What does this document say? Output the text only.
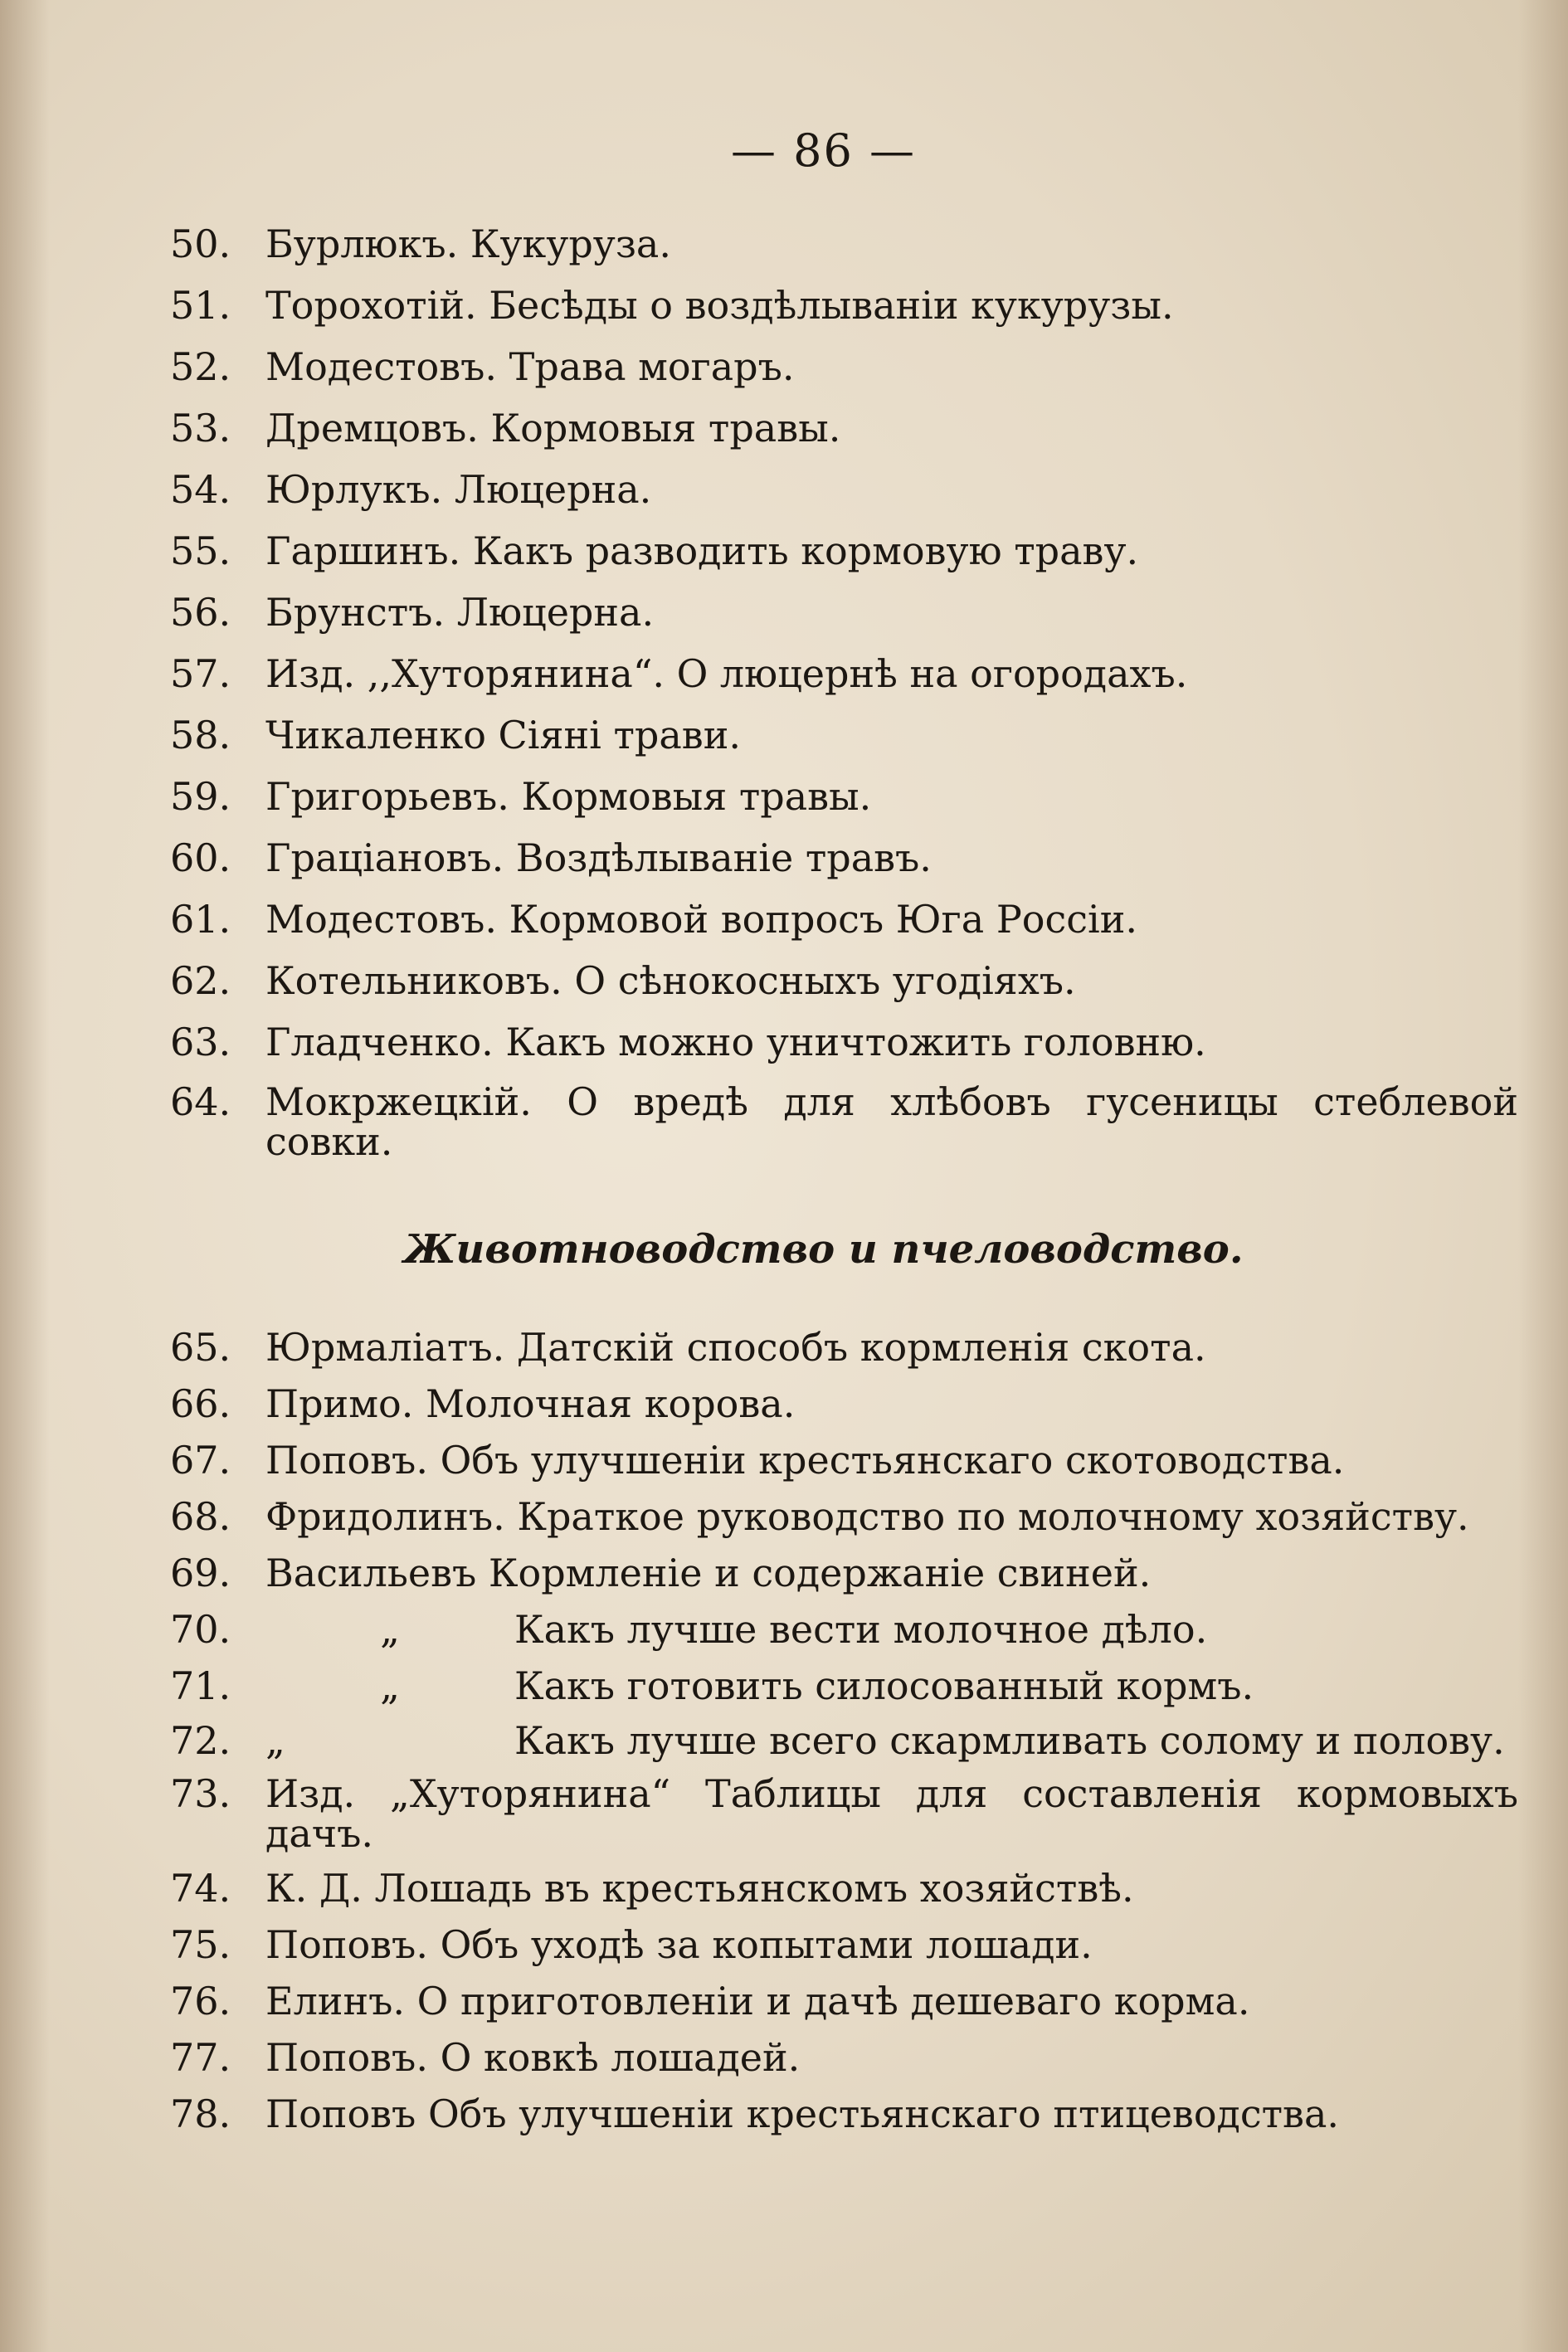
— 86 —
50. Бурлюкъ. Кукуруза.
51. Торохотій. Бесѣды о воздѣлываніи кукурузы.
52. Модестовъ. Трава могаръ.
53. Дремцовъ. Кормовыя травы.
54. Юрлукъ. Люцерна.
55. Гаршинъ. Какъ разводить кормовую траву.
56. Брунстъ. Люцерна.
57. Изд. ,,Хуторянина“. О люцернѣ на огородахъ.
58. Чикаленко Сіяні трави.
59. Григорьевъ. Кормовыя травы.
60. Граціановъ. Воздѣлываніе травъ.
61. Модестовъ. Кормовой вопросъ Юга Россіи.
62. Котельниковъ. О сѣнокосныхъ угодіяхъ.
63. Гладченко. Какъ можно уничтожить головню.
64. Мокржецкій. О вредѣ для хлѣбовъ гусеницы стеблевой совки.
Животноводство и пчеловодство.
65. Юрмаліатъ. Датскій способъ кормленія скота.
66. Примо. Молочная корова.
67. Поповъ. Объ улучшеніи крестьянскаго скотоводства.
68. Фридолинъ. Краткое руководство по молочному хозяйству.
69. Васильевъ Кормленіе и содержаніе свиней.
70.	„	Какъ лучше вести молочное дѣло.
71.	„	Какъ готовить силосованный кормъ.
72. „	Какъ лучше всего скармливать солому и полову.
73. Изд. „Хуторянина“ Таблицы для составленія кормовыхъ дачъ.
74. К. Д. Лошадь въ крестьянскомъ хозяйствѣ.
75. Поповъ. Объ уходѣ за копытами лошади.
76. Елинъ. О приготовленіи и дачѣ дешеваго корма.
77. Поповъ. О ковкѣ лошадей.
78. Поповъ Объ улучшеніи крестьянскаго птицеводства.
